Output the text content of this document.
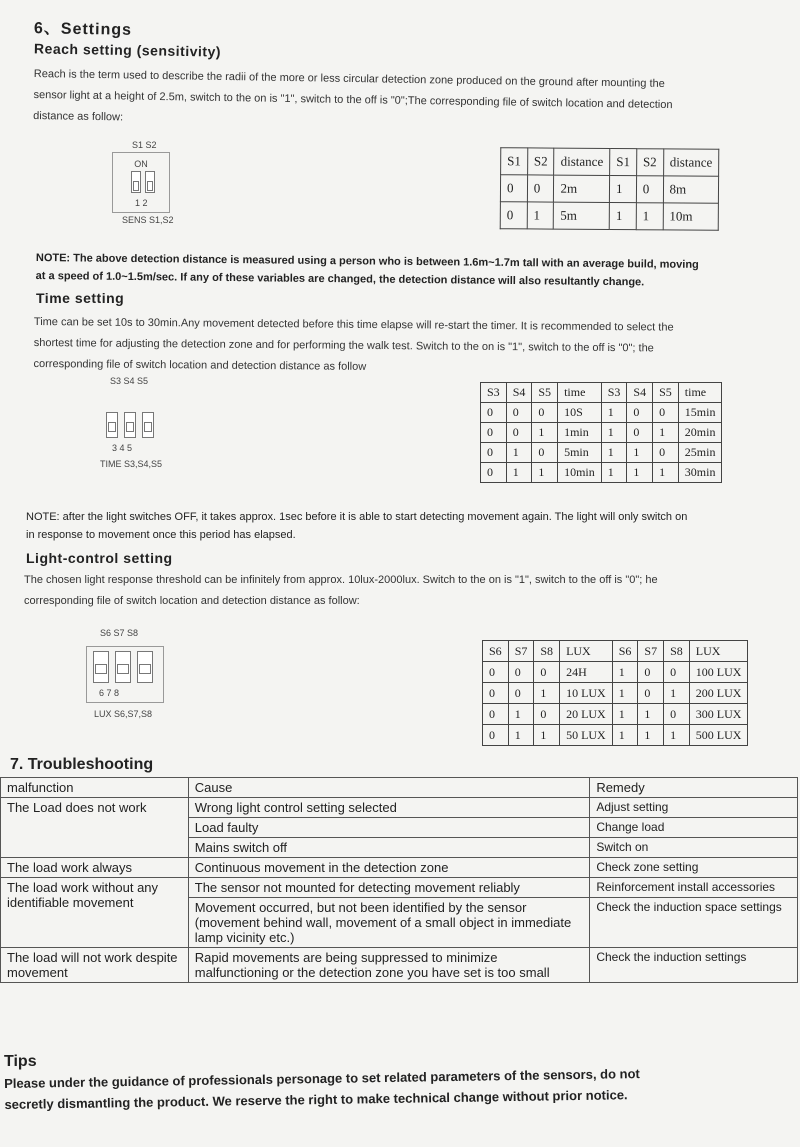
6、Settings
Reach setting (sensitivity)
Reach is the term used to describe the radii of the more or less circular detection zone produced on the ground after mounting the
sensor light at a height of 2.5m, switch to the on is "1", switch to the off is "0";The corresponding file of switch location and detection
distance as follow:
S1 S2
ON
1 2
SENS S1,S2
S1	S2	distance	S1	S2	distance
0	0	2m	1	0	8m
0	1	5m	1	1	10m
NOTE: The above detection distance is measured using a person who is between 1.6m~1.7m tall with an average build, moving
at a speed of 1.0~1.5m/sec. If any of these variables are changed, the detection distance will also resultantly change.
Time setting
Time can be set 10s to 30min.Any movement detected before this time elapse will re-start the timer. It is recommended to select the
shortest time for adjusting the detection zone and for performing the walk test. Switch to the on is "1", switch to the off is "0"; the
corresponding file of switch location and detection distance as follow
S3 S4 S5
3 4 5
TIME S3,S4,S5
S3	S4	S5	time	S3	S4	S5	time
0	0	0	10S	1	0	0	15min
0	0	1	1min	1	0	1	20min
0	1	0	5min	1	1	0	25min
0	1	1	10min	1	1	1	30min
NOTE: after the light switches OFF, it takes approx. 1sec before it is able to start detecting movement again. The light will only switch on
in response to movement once this period has elapsed.
Light-control setting
The chosen light response threshold can be infinitely from approx. 10lux-2000lux. Switch to the on is "1", switch to the off is "0"; he
corresponding file of switch location and detection distance as follow:
S6 S7 S8
6 7 8
LUX S6,S7,S8
S6	S7	S8	LUX	S6	S7	S8	LUX
0	0	0	24H	1	0	0	100 LUX
0	0	1	10 LUX	1	0	1	200 LUX
0	1	0	20 LUX	1	1	0	300 LUX
0	1	1	50 LUX	1	1	1	500 LUX
7. Troubleshooting
malfunction	Cause	Remedy
The Load does not work	Wrong light control setting selected	Adjust setting
	Load faulty	Change load
	Mains switch off	Switch on
The load work always	Continuous movement in the detection zone	Check zone setting
The load work without any identifiable movement	The sensor not mounted for detecting movement reliably	Reinforcement install accessories
	Movement occurred, but not been identified by the sensor (movement behind wall, movement of a small object in immediate lamp vicinity etc.)	Check the induction space settings
The load will not work despite movement	Rapid movements are being suppressed to minimize malfunctioning or the detection zone you have set is too small	Check the induction settings
Tips
Please under the guidance of professionals personage to set related parameters of the sensors, do not
secretly dismantling the product. We reserve the right to make technical change without prior notice.
